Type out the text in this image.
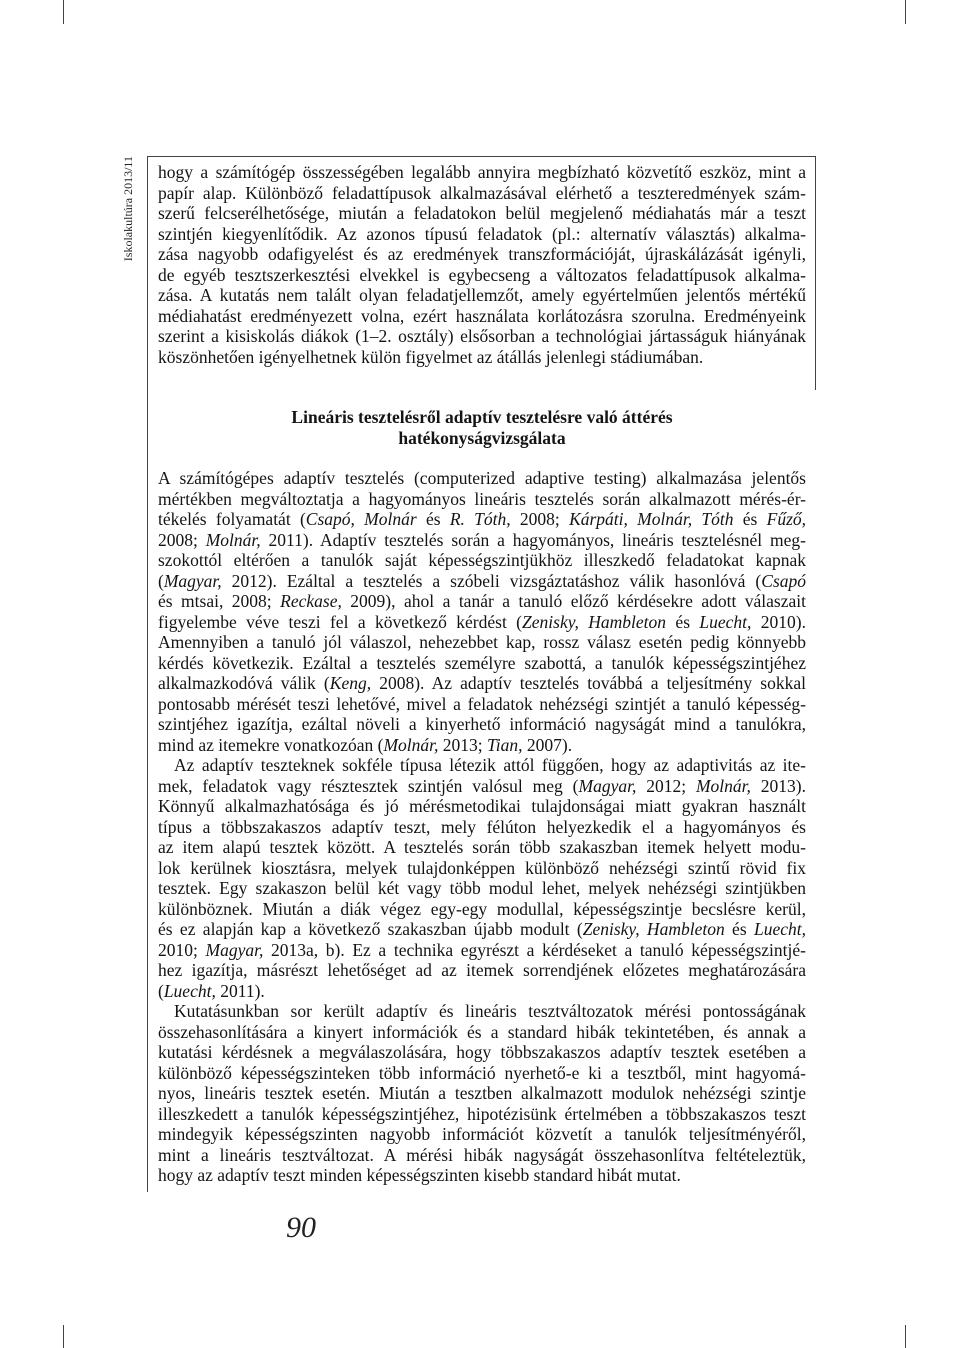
Iskolakultúra 2013/11 hogy a számítógép összességében legalább annyira megbízható közvetítő eszköz, mint a
papír alap. Különböző feladattípusok alkalmazásával elérhető a teszteredmények szám-
szerű felcserélhetősége, miután a feladatokon belül megjelenő médiahatás már a teszt
szintjén kiegyenlítődik. Az azonos típusú feladatok (pl.: alternatív választás) alkalma-
zása nagyobb odafigyelést és az eredmények transzformációját, újraskálázását igényli,
de egyéb tesztszerkesztési elvekkel is egybecseng a változatos feladattípusok alkalma-
zása. A kutatás nem talált olyan feladatjellemzőt, amely egyértelműen jelentős mértékű
médiahatást eredményezett volna, ezért használata korlátozásra szorulna. Eredményeink
szerint a kisiskolás diákok (1–2. osztály) elsősorban a technológiai jártasságuk hiányának
köszönhetően igényelhetnek külön figyelmet az átállás jelenlegi stádiumában.
Lineáris tesztelésről adaptív tesztelésre való áttérés
hatékonyságvizsgálata
A számítógépes adaptív tesztelés (computerized adaptive testing) alkalmazása jelentős
mértékben megváltoztatja a hagyományos lineáris tesztelés során alkalmazott mérés-ér-
tékelés folyamatát (Csapó, Molnár és R. Tóth, 2008; Kárpáti, Molnár, Tóth és Fűző,
2008; Molnár, 2011). Adaptív tesztelés során a hagyományos, lineáris tesztelésnél meg-
szokottól eltérően a tanulók saját képességszintjükhöz illeszkedő feladatokat kapnak
(Magyar, 2012). Ezáltal a tesztelés a szóbeli vizsgáztatáshoz válik hasonlóvá (Csapó
és mtsai, 2008; Reckase, 2009), ahol a tanár a tanuló előző kérdésekre adott válaszait
figyelembe véve teszi fel a következő kérdést (Zenisky, Hambleton és Luecht, 2010).
Amennyiben a tanuló jól válaszol, nehezebbet kap, rossz válasz esetén pedig könnyebb
kérdés következik. Ezáltal a tesztelés személyre szabottá, a tanulók képességszintjéhez
alkalmazkodóvá válik (Keng, 2008). Az adaptív tesztelés továbbá a teljesítmény sokkal
pontosabb mérését teszi lehetővé, mivel a feladatok nehézségi szintjét a tanuló képesség-
szintjéhez igazítja, ezáltal növeli a kinyerhető információ nagyságát mind a tanulókra,
mind az itemekre vonatkozóan (Molnár, 2013; Tian, 2007).
Az adaptív teszteknek sokféle típusa létezik attól függően, hogy az adaptivitás az ite-
mek, feladatok vagy résztesztek szintjén valósul meg (Magyar, 2012; Molnár, 2013).
Könnyű alkalmazhatósága és jó mérésmetodikai tulajdonságai miatt gyakran használt
típus a többszakaszos adaptív teszt, mely félúton helyezkedik el a hagyományos és
az item alapú tesztek között. A tesztelés során több szakaszban itemek helyett modu-
lok kerülnek kiosztásra, melyek tulajdonképpen különböző nehézségi szintű rövid fix
tesztek. Egy szakaszon belül két vagy több modul lehet, melyek nehézségi szintjükben
különböznek. Miután a diák végez egy-egy modullal, képességszintje becslésre kerül,
és ez alapján kap a következő szakaszban újabb modult (Zenisky, Hambleton és Luecht,
2010; Magyar, 2013a, b). Ez a technika egyrészt a kérdéseket a tanuló képességszintjé-
hez igazítja, másrészt lehetőséget ad az itemek sorrendjének előzetes meghatározására
(Luecht, 2011).
Kutatásunkban sor került adaptív és lineáris tesztváltozatok mérési pontosságának
összehasonlítására a kinyert információk és a standard hibák tekintetében, és annak a
kutatási kérdésnek a megválaszolására, hogy többszakaszos adaptív tesztek esetében a
különböző képességszinteken több információ nyerhető-e ki a tesztből, mint hagyomá-
nyos, lineáris tesztek esetén. Miután a tesztben alkalmazott modulok nehézségi szintje
illeszkedett a tanulók képességszintjéhez, hipotézisünk értelmében a többszakaszos teszt
mindegyik képességszinten nagyobb információt közvetít a tanulók teljesítményéről,
mint a lineáris tesztváltozat. A mérési hibák nagyságát összehasonlítva feltételeztük,
hogy az adaptív teszt minden képességszinten kisebb standard hibát mutat.
90
